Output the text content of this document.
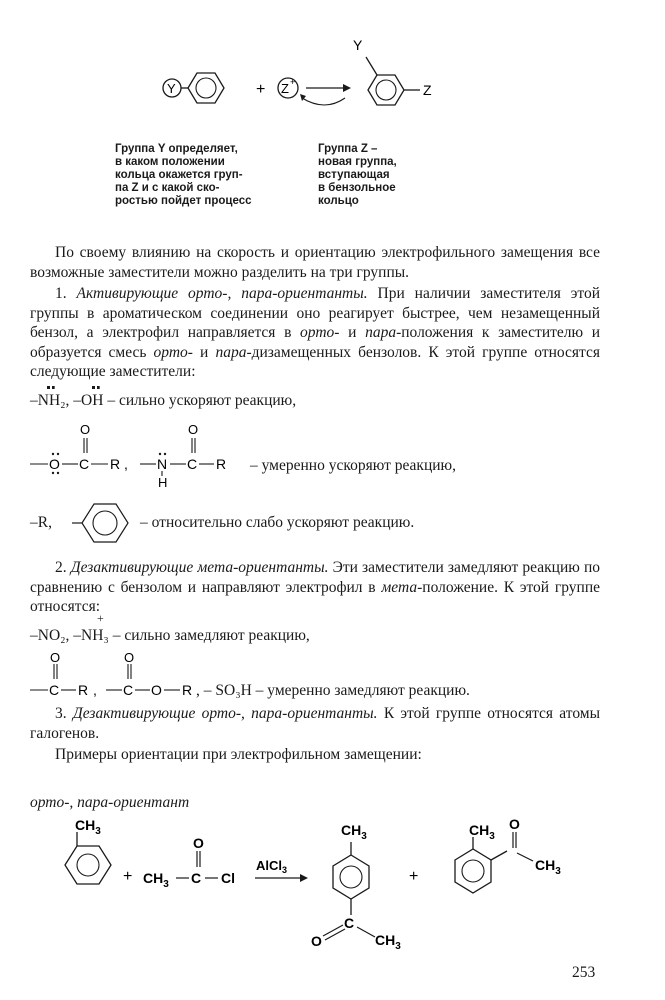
Y	+ Z +
Y
Z
Группа Y определяет,
в каком положении
кольца окажется груп-
па Z и с какой ско-
ростью пойдет процесс
Группа Z –
новая группа,
вступающая
в бензольное
кольцо
По своему влиянию на скорость и ориентацию электрофильного замещения все возможные заместители можно разделить на три группы.
1. Активирующие орто-, пара-ориентанты. При наличии заместителя этой группы в ароматическом соединении оно реагирует быстрее, чем незамещенный бензол, а электрофил направляется в орто- и пара-положения к заместителю и образуется смесь орто- и пара-дизамещенных бензолов. К этой группе относятся следующие заместители:
–NH₂, –OH – сильно ускоряют реакцию,
O C
O
R , N
H
C
O
R – умеренно ускоряют реакцию,
–R,	– относительно слабо ускоряют реакцию.
2. Дезактивирующие мета-ориентанты. Эти заместители замедляют реакцию по сравнению с бензолом и направляют электрофил в мета-положение. К этой группе относятся:
–NO₂, –NH₃ – сильно замедляют реакцию,
+
C
O
R , C
O
O R , – SO₃H – умеренно замедляют реакцию.
3. Дезактивирующие орто-, пара-ориентанты. К этой группе относятся атомы галогенов.
Примеры ориентации при электрофильном замещении:
орто-, пара-ориентант
$CH_3$
+ $CH_3$ C
O
Cl
AlCl$_3$
$CH_3$
C
O	$CH_3$
+
$CH_3$
O
$CH_3$
253
